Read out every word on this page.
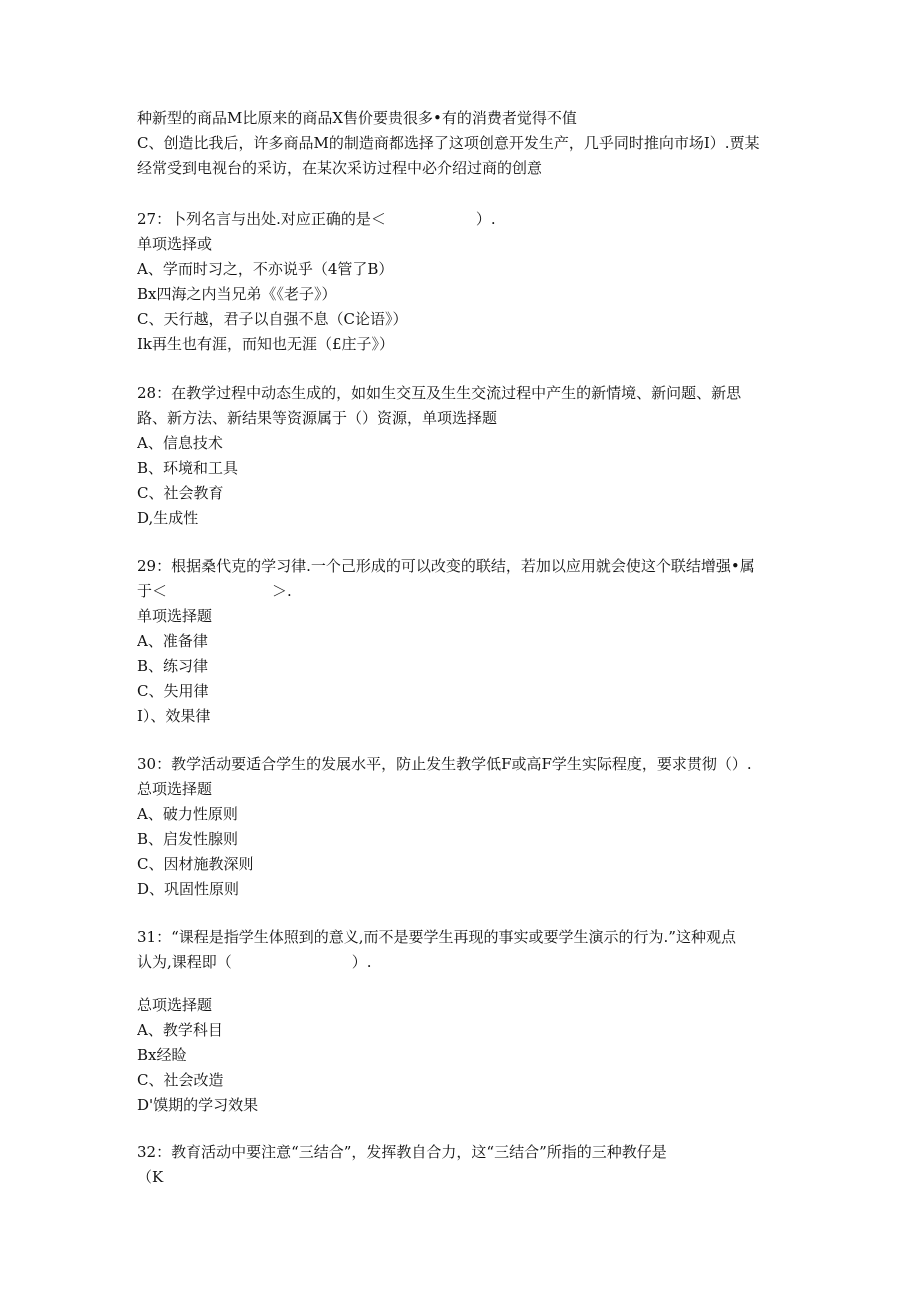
种新型的商品M比原来的商品X售价要贵很多•有的消费者觉得不值
C、创造比我后，许多商品M的制造商都选择了这项创意开发生产，几乎同时推向市场I）.贾某
经常受到电视台的采访，在某次采访过程中必介绍过商的创意
27：卜列名言与出处.对应正确的是＜　　　　　　）.
单项选择或
A、学而时习之，不亦说乎（4管了B）
Bx四海之内当兄弟《《老子》）
C、天行越，君子以自强不息（C论语》）
Ik再生也有涯，而知也无涯（£庄子》）
28：在教学过程中动态生成的，如如生交互及生生交流过程中产生的新情境、新问题、新思
路、新方法、新结果等资源属于（）资源，单项选择题
A、信息技术
B、环境和工具
C、社会教育
D,生成性
29：根据桑代克的学习律.一个己形成的可以改变的联结，若加以应用就会使这个联结增强•属
于＜　　　　　　　＞.
单项选择题
A、准备律
B、练习律
C、失用律
I）、效果律
30：教学活动要适合学生的发展水平，防止发生教学低F或高F学生实际程度，要求贯彻（）.
总项选择题
A、破力性原则
B、启发性腺则
C、因材施教深则
D、巩固性原则
31：“课程是指学生体照到的意义,而不是要学生再现的事实或要学生演示的行为.”这种观点
认为,课程即（　　　　　　　　）.
总项选择题
A、教学科目
Bx经睑
C、社会改造
D'馍期的学习效果
32：教育活动中要注意“三结合”，发挥教自合力，这“三结合”所指的三种教仔是
（K
